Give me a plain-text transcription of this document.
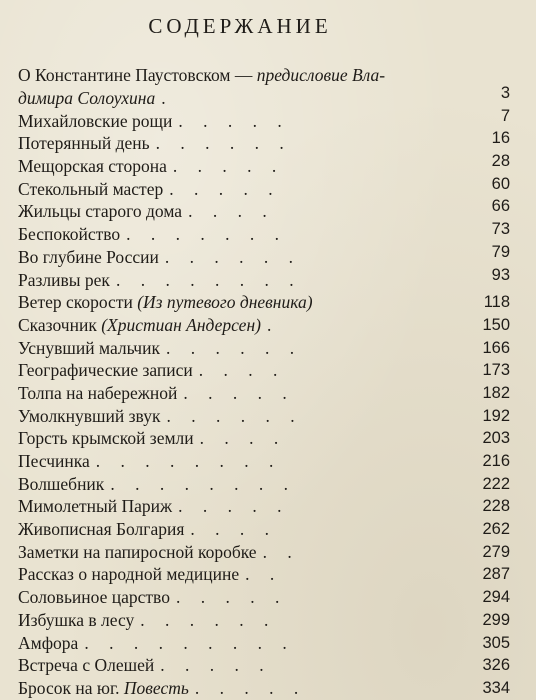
СОДЕРЖАНИЕ
О Константине Паустовском — предисловие Вла-
димира Солоухина .	3
Михайловские рощи . . . . .	7
Потерянный день . . . . . .	16
Мещорская сторона . . . . .	28
Стекольный мастер . . . . .	60
Жильцы старого дома . . . .	66
Беспокойство . . . . . . .	73
Во глубине России . . . . . .	79
Разливы рек . . . . . . . .	93
Ветер скорости (Из путевого дневника)	118
Сказочник (Христиан Андерсен) .	150
Уснувший мальчик . . . . . .	166
Географические записи . . . .	173
Толпа на набережной . . . . .	182
Умолкнувший звук . . . . . .	192
Горсть крымской земли . . . .	203
Песчинка . . . . . . . .	216
Волшебник . . . . . . . .	222
Мимолетный Париж . . . . .	228
Живописная Болгария . . . .	262
Заметки на папиросной коробке . .	279
Рассказ о народной медицине . .	287
Соловьиное царство . . . . .	294
Избушка в лесу . . . . . .	299
Амфора . . . . . . . . .	305
Встреча с Олешей . . . . .	326
Бросок на юг. Повесть . . . . .	334
